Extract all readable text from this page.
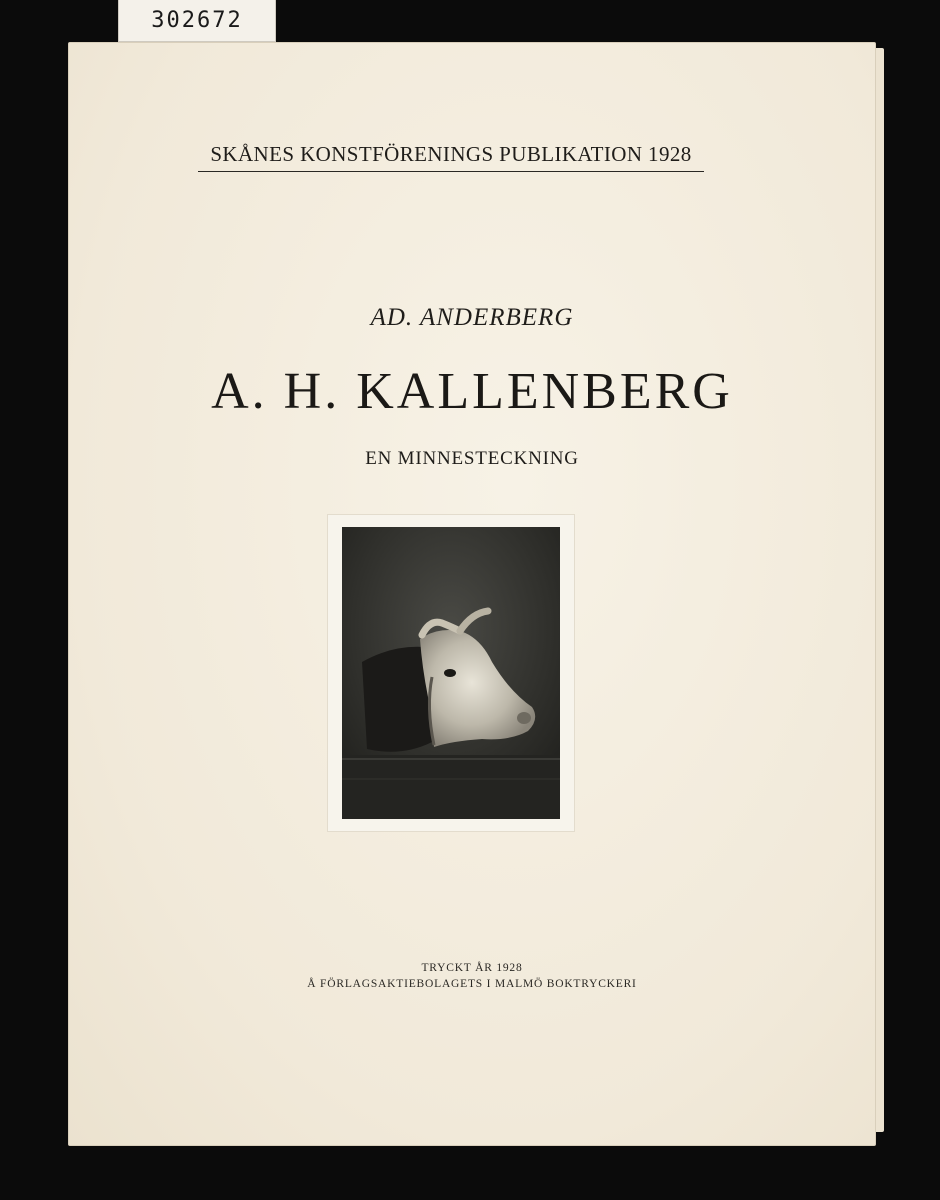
302672
SKÅNES KONSTFÖRENINGS PUBLIKATION 1928
AD. ANDERBERG
A. H. KALLENBERG
EN MINNESTECKNING
TRYCKT ÅR 1928
Å FÖRLAGSAKTIEBOLAGETS I MALMÖ BOKTRYCKERI
